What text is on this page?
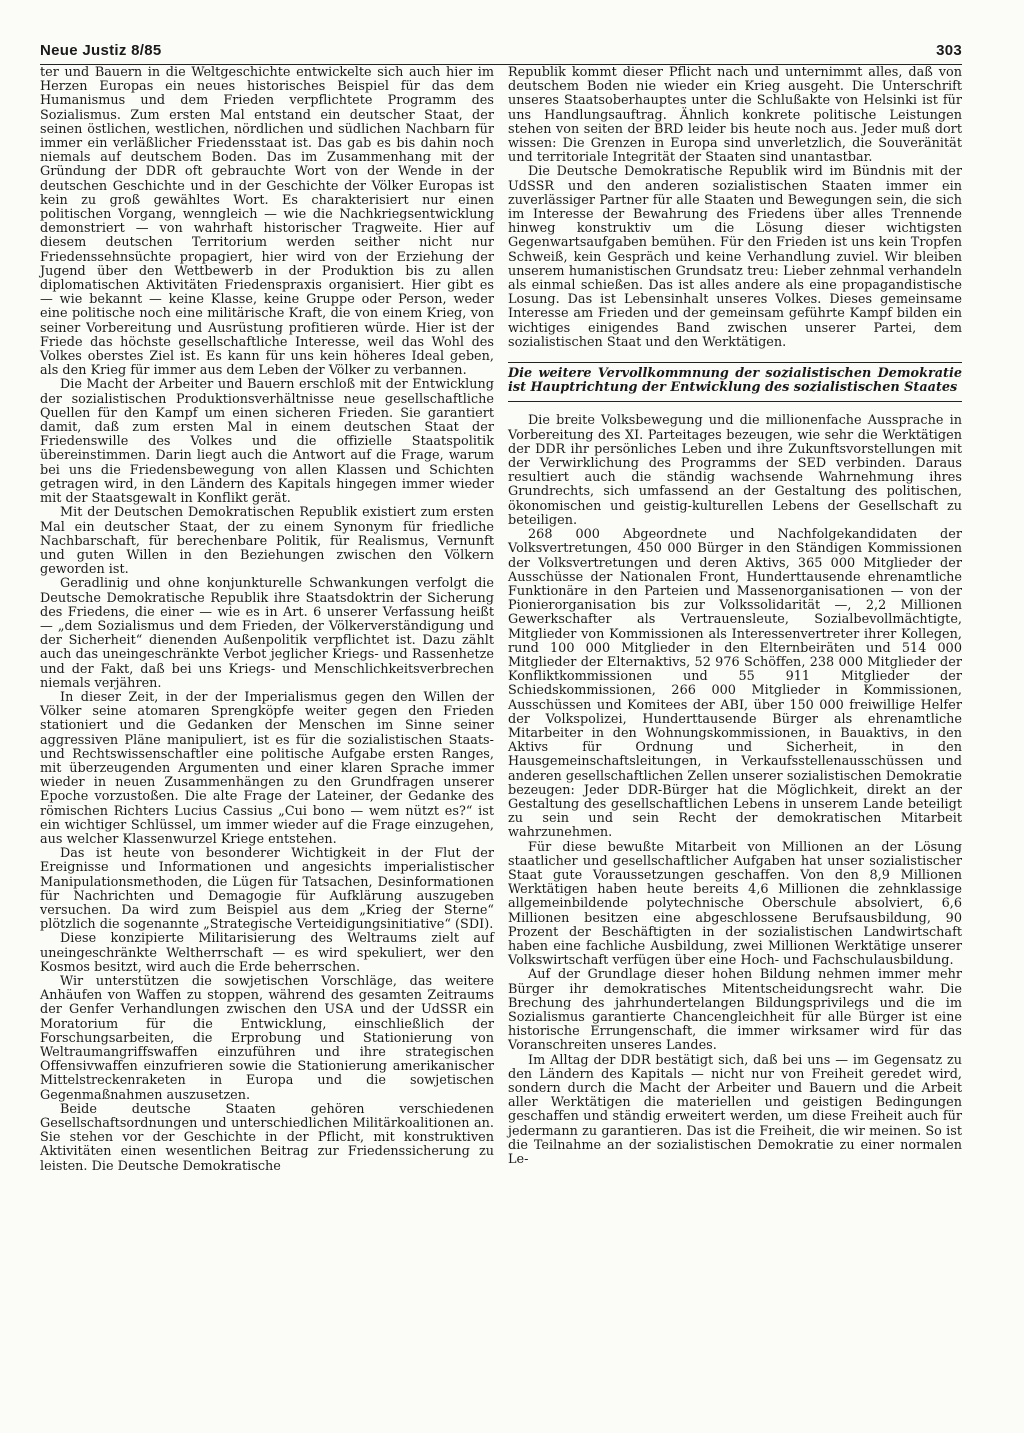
Neue Justiz 8/85	303

ter und Bauern in die Weltgeschichte entwickelte sich auch hier im Herzen Europas ein neues historisches Beispiel für das dem Humanismus und dem Frieden verpflichtete Programm des Sozialismus. Zum ersten Mal entstand ein deutscher Staat, der seinen östlichen, westlichen, nördlichen und südlichen Nachbarn für immer ein verläßlicher Friedensstaat ist. Das gab es bis dahin noch niemals auf deutschem Boden. Das im Zusammenhang mit der Gründung der DDR oft gebrauchte Wort von der Wende in der deutschen Geschichte und in der Geschichte der Völker Europas ist kein zu groß gewähltes Wort. Es charakterisiert nur einen politischen Vorgang, wenngleich — wie die Nachkriegsentwicklung demonstriert — von wahrhaft historischer Tragweite. Hier auf diesem deutschen Territorium werden seither nicht nur Friedenssehnsüchte propagiert, hier wird von der Erziehung der Jugend über den Wettbewerb in der Produktion bis zu allen diplomatischen Aktivitäten Friedenspraxis organisiert. Hier gibt es — wie bekannt — keine Klasse, keine Gruppe oder Person, weder eine politische noch eine militärische Kraft, die von einem Krieg, von seiner Vorbereitung und Ausrüstung profitieren würde. Hier ist der Friede das höchste gesellschaftliche Interesse, weil das Wohl des Volkes oberstes Ziel ist. Es kann für uns kein höheres Ideal geben, als den Krieg für immer aus dem Leben der Völker zu verbannen.

Die Macht der Arbeiter und Bauern erschloß mit der Entwicklung der sozialistischen Produktionsverhältnisse neue gesellschaftliche Quellen für den Kampf um einen sicheren Frieden. Sie garantiert damit, daß zum ersten Mal in einem deutschen Staat der Friedenswille des Volkes und die offizielle Staatspolitik übereinstimmen. Darin liegt auch die Antwort auf die Frage, warum bei uns die Friedensbewegung von allen Klassen und Schichten getragen wird, in den Ländern des Kapitals hingegen immer wieder mit der Staatsgewalt in Konflikt gerät.

Mit der Deutschen Demokratischen Republik existiert zum ersten Mal ein deutscher Staat, der zu einem Synonym für friedliche Nachbarschaft, für berechenbare Politik, für Realismus, Vernunft und guten Willen in den Beziehungen zwischen den Völkern geworden ist.

Geradlinig und ohne konjunkturelle Schwankungen verfolgt die Deutsche Demokratische Republik ihre Staatsdoktrin der Sicherung des Friedens, die einer — wie es in Art. 6 unserer Verfassung heißt — „dem Sozialismus und dem Frieden, der Völkerverständigung und der Sicherheit“ dienenden Außenpolitik verpflichtet ist. Dazu zählt auch das uneingeschränkte Verbot jeglicher Kriegs- und Rassenhetze und der Fakt, daß bei uns Kriegs- und Menschlichkeitsverbrechen niemals verjähren.

In dieser Zeit, in der der Imperialismus gegen den Willen der Völker seine atomaren Sprengköpfe weiter gegen den Frieden stationiert und die Gedanken der Menschen im Sinne seiner aggressiven Pläne manipuliert, ist es für die sozialistischen Staats- und Rechtswissenschaftler eine politische Aufgabe ersten Ranges, mit überzeugenden Argumenten und einer klaren Sprache immer wieder in neuen Zusammenhängen zu den Grundfragen unserer Epoche vorzustoßen. Die alte Frage der Lateiner, der Gedanke des römischen Richters Lucius Cassius „Cui bono — wem nützt es?“ ist ein wichtiger Schlüssel, um immer wieder auf die Frage einzugehen, aus welcher Klassenwurzel Kriege entstehen.

Das ist heute von besonderer Wichtigkeit in der Flut der Ereignisse und Informationen und angesichts imperialistischer Manipulationsmethoden, die Lügen für Tatsachen, Desinformationen für Nachrichten und Demagogie für Aufklärung auszugeben versuchen. Da wird zum Beispiel aus dem „Krieg der Sterne“ plötzlich die sogenannte „Strategische Verteidigungsinitiative“ (SDI).

Diese konzipierte Militarisierung des Weltraums zielt auf uneingeschränkte Weltherrschaft — es wird spekuliert, wer den Kosmos besitzt, wird auch die Erde beherrschen.

Wir unterstützen die sowjetischen Vorschläge, das weitere Anhäufen von Waffen zu stoppen, während des gesamten Zeitraums der Genfer Verhandlungen zwischen den USA und der UdSSR ein Moratorium für die Entwicklung, einschließlich der Forschungsarbeiten, die Erprobung und Stationierung von Weltraumangriffswaffen einzuführen und ihre strategischen Offensivwaffen einzufrieren sowie die Stationierung amerikanischer Mittelstreckenraketen in Europa und die sowjetischen Gegenmaßnahmen auszusetzen.

Beide deutsche Staaten gehören verschiedenen Gesellschaftsordnungen und unterschiedlichen Militärkoalitionen an. Sie stehen vor der Geschichte in der Pflicht, mit konstruktiven Aktivitäten einen wesentlichen Beitrag zur Friedenssicherung zu leisten. Die Deutsche Demokratische

Republik kommt dieser Pflicht nach und unternimmt alles, daß von deutschem Boden nie wieder ein Krieg ausgeht. Die Unterschrift unseres Staatsoberhauptes unter die Schlußakte von Helsinki ist für uns Handlungsauftrag. Ähnlich konkrete politische Leistungen stehen von seiten der BRD leider bis heute noch aus. Jeder muß dort wissen: Die Grenzen in Europa sind unverletzlich, die Souveränität und territoriale Integrität der Staaten sind unantastbar.

Die Deutsche Demokratische Republik wird im Bündnis mit der UdSSR und den anderen sozialistischen Staaten immer ein zuverlässiger Partner für alle Staaten und Bewegungen sein, die sich im Interesse der Bewahrung des Friedens über alles Trennende hinweg konstruktiv um die Lösung dieser wichtigsten Gegenwartsaufgaben bemühen. Für den Frieden ist uns kein Tropfen Schweiß, kein Gespräch und keine Verhandlung zuviel. Wir bleiben unserem humanistischen Grundsatz treu: Lieber zehnmal verhandeln als einmal schießen. Das ist alles andere als eine propagandistische Losung. Das ist Lebensinhalt unseres Volkes. Dieses gemeinsame Interesse am Frieden und der gemeinsam geführte Kampf bilden ein wichtiges einigendes Band zwischen unserer Partei, dem sozialistischen Staat und den Werktätigen.

Die weitere Vervollkommnung der sozialistischen Demokratie ist Hauptrichtung der Entwicklung des sozialistischen Staates

Die breite Volksbewegung und die millionenfache Aussprache in Vorbereitung des XI. Parteitages bezeugen, wie sehr die Werktätigen der DDR ihr persönliches Leben und ihre Zukunftsvorstellungen mit der Verwirklichung des Programms der SED verbinden. Daraus resultiert auch die ständig wachsende Wahrnehmung ihres Grundrechts, sich umfassend an der Gestaltung des politischen, ökonomischen und geistig-kulturellen Lebens der Gesellschaft zu beteiligen.

268 000 Abgeordnete und Nachfolgekandidaten der Volksvertretungen, 450 000 Bürger in den Ständigen Kommissionen der Volksvertretungen und deren Aktivs, 365 000 Mitglieder der Ausschüsse der Nationalen Front, Hunderttausende ehrenamtliche Funktionäre in den Parteien und Massenorganisationen — von der Pionierorganisation bis zur Volkssolidarität —, 2,2 Millionen Gewerkschafter als Vertrauensleute, Sozialbevollmächtigte, Mitglieder von Kommissionen als Interessenvertreter ihrer Kollegen, rund 100 000 Mitglieder in den Elternbeiräten und 514 000 Mitglieder der Elternaktivs, 52 976 Schöffen, 238 000 Mitglieder der Konfliktkommissionen und 55 911 Mitglieder der Schiedskommissionen, 266 000 Mitglieder in Kommissionen, Ausschüssen und Komitees der ABI, über 150 000 freiwillige Helfer der Volkspolizei, Hunderttausende Bürger als ehrenamtliche Mitarbeiter in den Wohnungskommissionen, in Bauaktivs, in den Aktivs für Ordnung und Sicherheit, in den Hausgemeinschaftsleitungen, in Verkaufsstellenausschüssen und anderen gesellschaftlichen Zellen unserer sozialistischen Demokratie bezeugen: Jeder DDR-Bürger hat die Möglichkeit, direkt an der Gestaltung des gesellschaftlichen Lebens in unserem Lande beteiligt zu sein und sein Recht der demokratischen Mitarbeit wahrzunehmen.

Für diese bewußte Mitarbeit von Millionen an der Lösung staatlicher und gesellschaftlicher Aufgaben hat unser sozialistischer Staat gute Voraussetzungen geschaffen. Von den 8,9 Millionen Werktätigen haben heute bereits 4,6 Millionen die zehnklassige allgemeinbildende polytechnische Oberschule absolviert, 6,6 Millionen besitzen eine abgeschlossene Berufsausbildung, 90 Prozent der Beschäftigten in der sozialistischen Landwirtschaft haben eine fachliche Ausbildung, zwei Millionen Werktätige unserer Volkswirtschaft verfügen über eine Hoch- und Fachschulausbildung.

Auf der Grundlage dieser hohen Bildung nehmen immer mehr Bürger ihr demokratisches Mitentscheidungsrecht wahr. Die Brechung des jahrhundertelangen Bildungsprivilegs und die im Sozialismus garantierte Chancengleichheit für alle Bürger ist eine historische Errungenschaft, die immer wirksamer wird für das Voranschreiten unseres Landes.

Im Alltag der DDR bestätigt sich, daß bei uns — im Gegensatz zu den Ländern des Kapitals — nicht nur von Freiheit geredet wird, sondern durch die Macht der Arbeiter und Bauern und die Arbeit aller Werktätigen die materiellen und geistigen Bedingungen geschaffen und ständig erweitert werden, um diese Freiheit auch für jedermann zu garantieren. Das ist die Freiheit, die wir meinen. So ist die Teilnahme an der sozialistischen Demokratie zu einer normalen Le-
